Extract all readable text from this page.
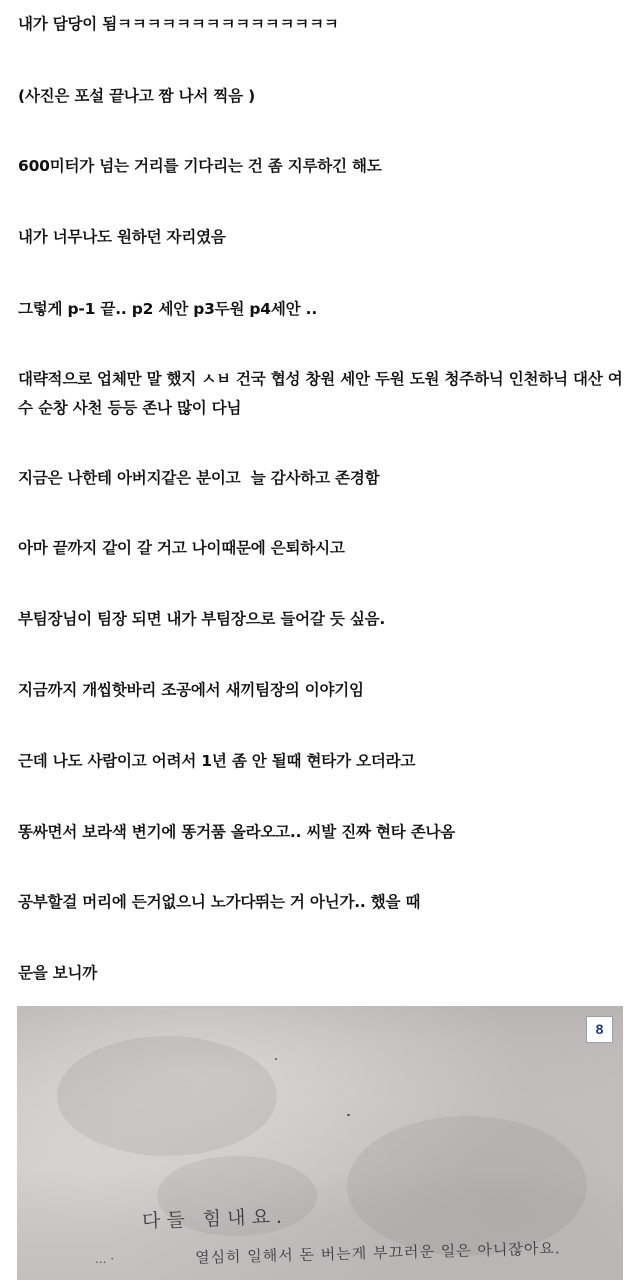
내가 담당이 됨ㅋㅋㅋㅋㅋㅋㅋㅋㅋㅋㅋㅋㅋㅋㅋ
(사진은 포설 끝나고 짬 나서 찍음 )
600미터가 넘는 거리를 기다리는 건 좀 지루하긴 해도
내가 너무나도 원하던 자리였음
그렇게 p-1 끝.. p2 세안 p3두원 p4세안 ..
대략적으로 업체만 말 했지 ㅅㅂ 건국 협성 창원 세안 두원 도원 청주하닉 인천하닉 대산 여수 순창 사천 등등 존나 많이 다님
지금은 나한테 아버지같은 분이고  늘 감사하고 존경함
아마 끝까지 같이 갈 거고 나이때문에 은퇴하시고
부팀장님이 팀장 되면 내가 부팀장으로 들어갈 듯 싶음.
지금까지 개씹핫바리 조공에서 새끼팀장의 이야기임
근데 나도 사람이고 어려서 1년 좀 안 될때 현타가 오더라고
똥싸면서 보라색 변기에 똥거품 올라오고.. 씨발 진짜 현타 존나옴
공부할걸 머리에 든거없으니 노가다뛰는 거 아닌가.. 했을 때
문을 보니까
8
다들 힘내요.
열심히 일해서 돈 버는게 부끄러운 일은 아니잖아요.
... ·
